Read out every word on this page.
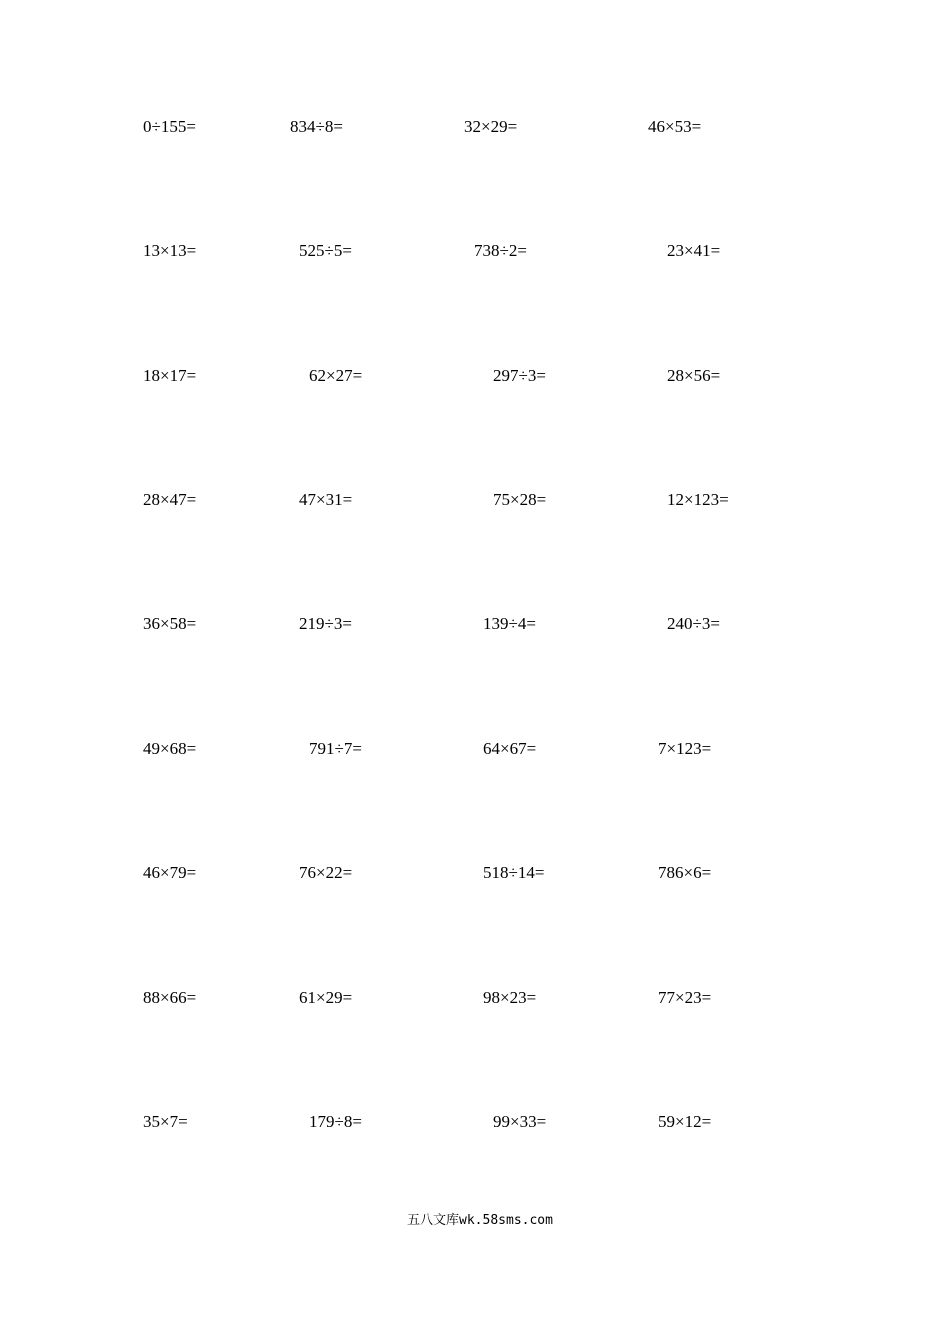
0÷155=	834÷8=	32×29=	46×53=
13×13=	525÷5=	738÷2=	23×41=
18×17=	62×27=	297÷3=	28×56=
28×47=	47×31=	75×28=	12×123=
36×58=	219÷3=	139÷4=	240÷3=
49×68=	791÷7=	64×67=	7×123=
46×79=	76×22=	518÷14=	786×6=
88×66=	61×29=	98×23=	77×23=
35×7=	179÷8=	99×33=	59×12=
五八文库wk.58sms.com
